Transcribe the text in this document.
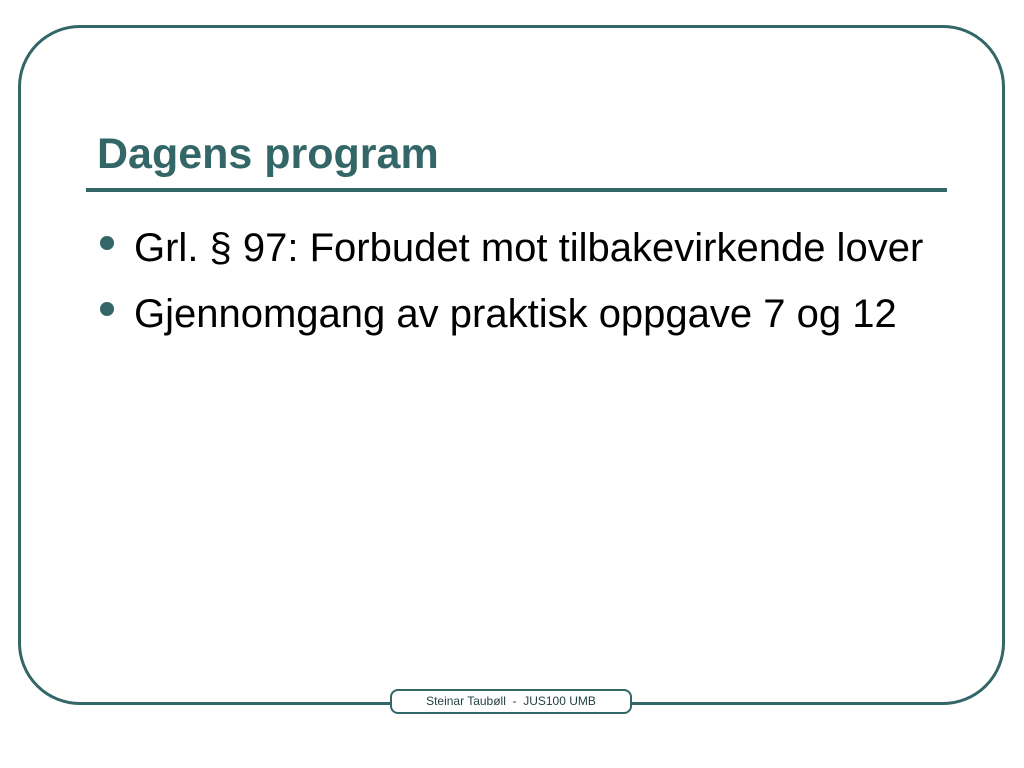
Dagens program
Grl. § 97: Forbudet mot tilbakevirkende lover
Gjennomgang av praktisk oppgave 7 og 12
Steinar Taubøll  -  JUS100 UMB
